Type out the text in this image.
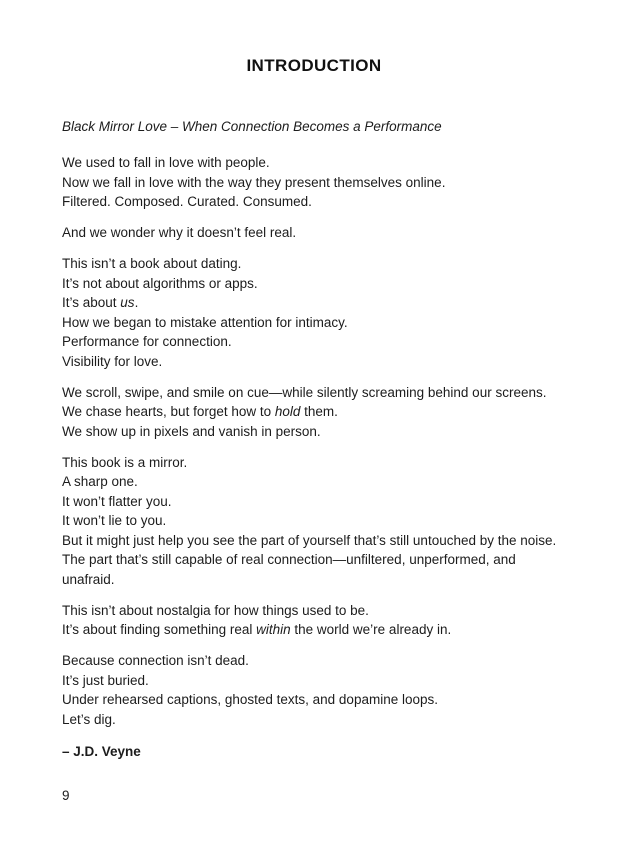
INTRODUCTION

Black Mirror Love – When Connection Becomes a Performance

We used to fall in love with people.
Now we fall in love with the way they present themselves online.
Filtered. Composed. Curated. Consumed.

And we wonder why it doesn’t feel real.

This isn’t a book about dating.
It’s not about algorithms or apps.
It’s about us.
How we began to mistake attention for intimacy.
Performance for connection.
Visibility for love.

We scroll, swipe, and smile on cue—while silently screaming behind our screens.
We chase hearts, but forget how to hold them.
We show up in pixels and vanish in person.

This book is a mirror.
A sharp one.
It won’t flatter you.
It won’t lie to you.
But it might just help you see the part of yourself that’s still untouched by the noise.
The part that’s still capable of real connection—unfiltered, unperformed, and unafraid.

This isn’t about nostalgia for how things used to be.
It’s about finding something real within the world we’re already in.

Because connection isn’t dead.
It’s just buried.
Under rehearsed captions, ghosted texts, and dopamine loops.
Let’s dig.

– J.D. Veyne

9
